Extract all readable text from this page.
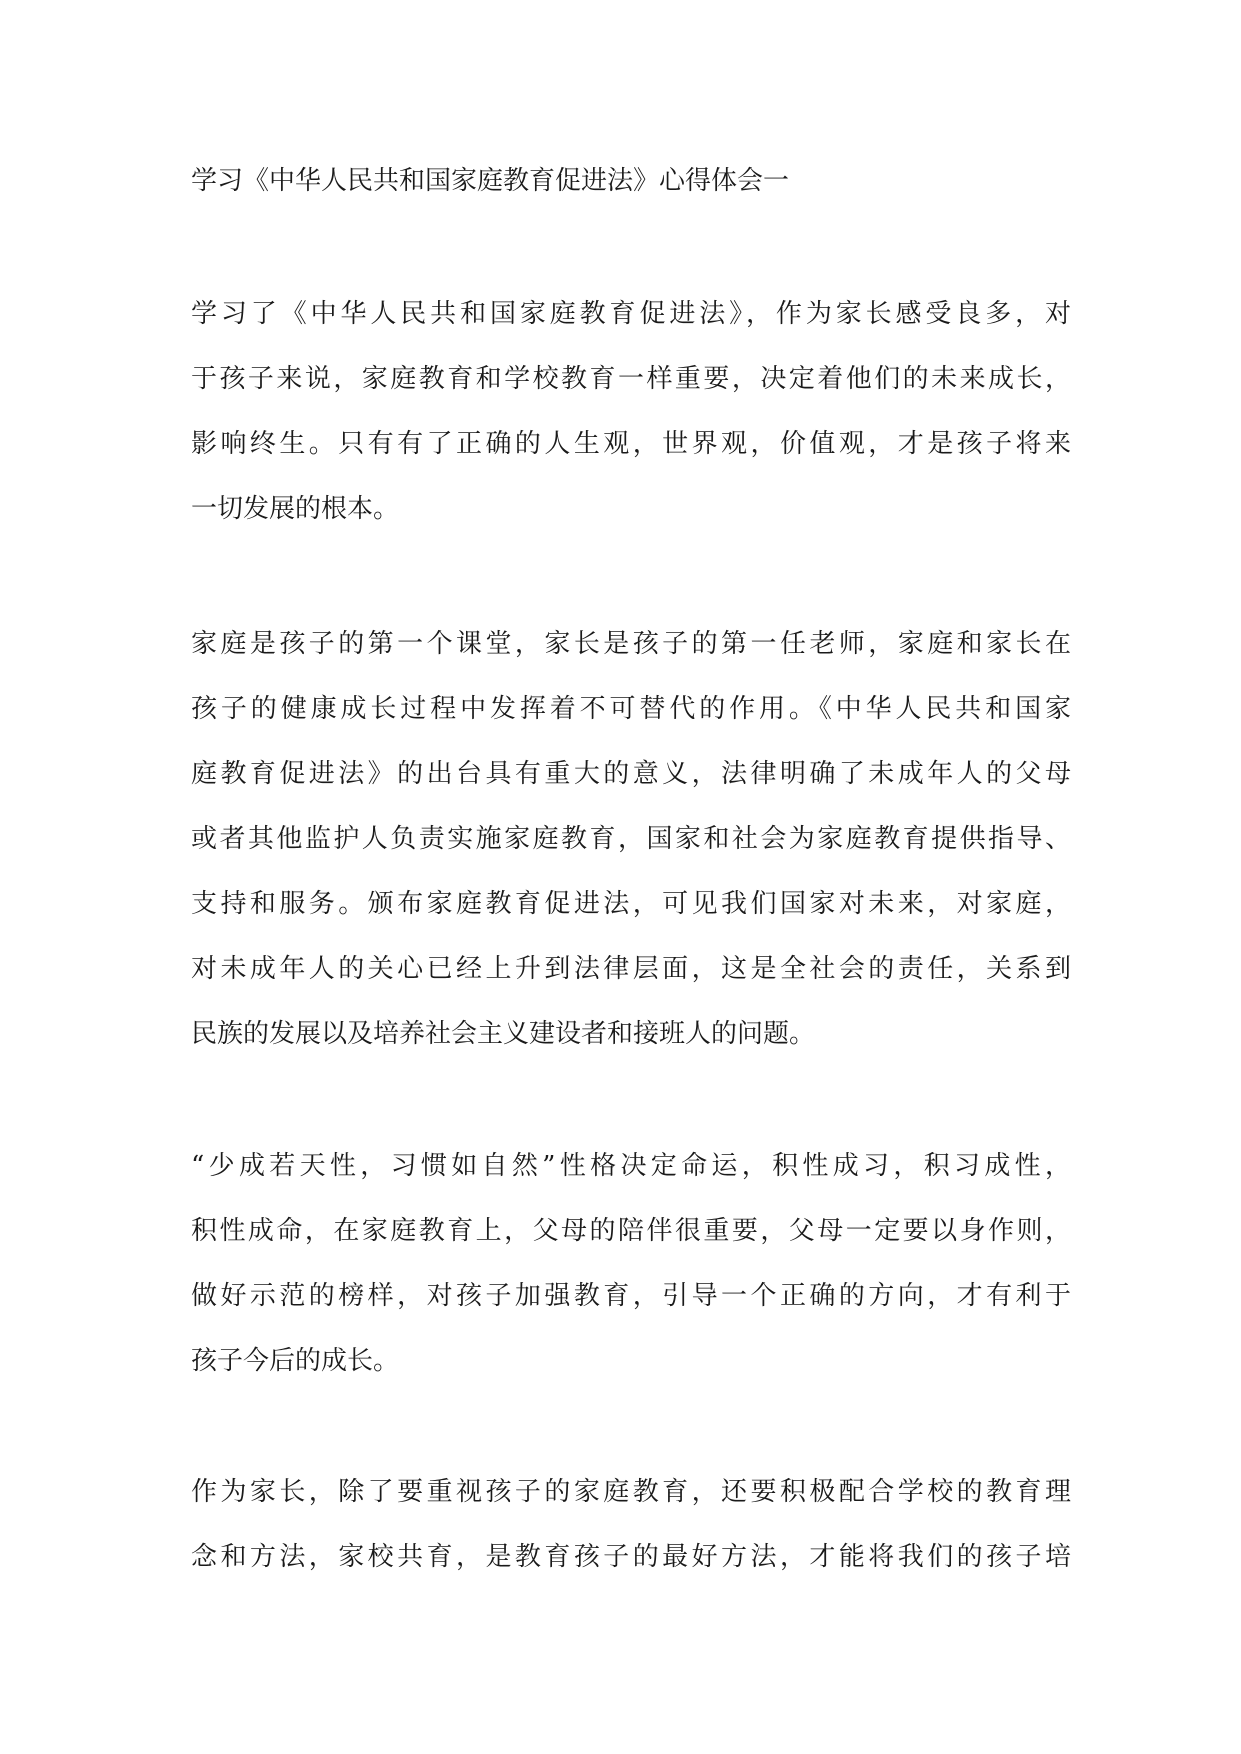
学习《中华人民共和国家庭教育促进法》心得体会一
学习了《中华人民共和国家庭教育促进法》，作为家长感受良多，对
于孩子来说，家庭教育和学校教育一样重要，决定着他们的未来成长，
影响终生。只有有了正确的人生观，世界观，价值观，才是孩子将来
一切发展的根本。
家庭是孩子的第一个课堂，家长是孩子的第一任老师，家庭和家长在
孩子的健康成长过程中发挥着不可替代的作用。《中华人民共和国家
庭教育促进法》的出台具有重大的意义，法律明确了未成年人的父母
或者其他监护人负责实施家庭教育，国家和社会为家庭教育提供指导、
支持和服务。颁布家庭教育促进法，可见我们国家对未来，对家庭，
对未成年人的关心已经上升到法律层面，这是全社会的责任，关系到
民族的发展以及培养社会主义建设者和接班人的问题。
“少成若天性，习惯如自然”性格决定命运，积性成习，积习成性，
积性成命，在家庭教育上，父母的陪伴很重要，父母一定要以身作则，
做好示范的榜样，对孩子加强教育，引导一个正确的方向，才有利于
孩子今后的成长。
作为家长，除了要重视孩子的家庭教育，还要积极配合学校的教育理
念和方法，家校共育，是教育孩子的最好方法，才能将我们的孩子培
